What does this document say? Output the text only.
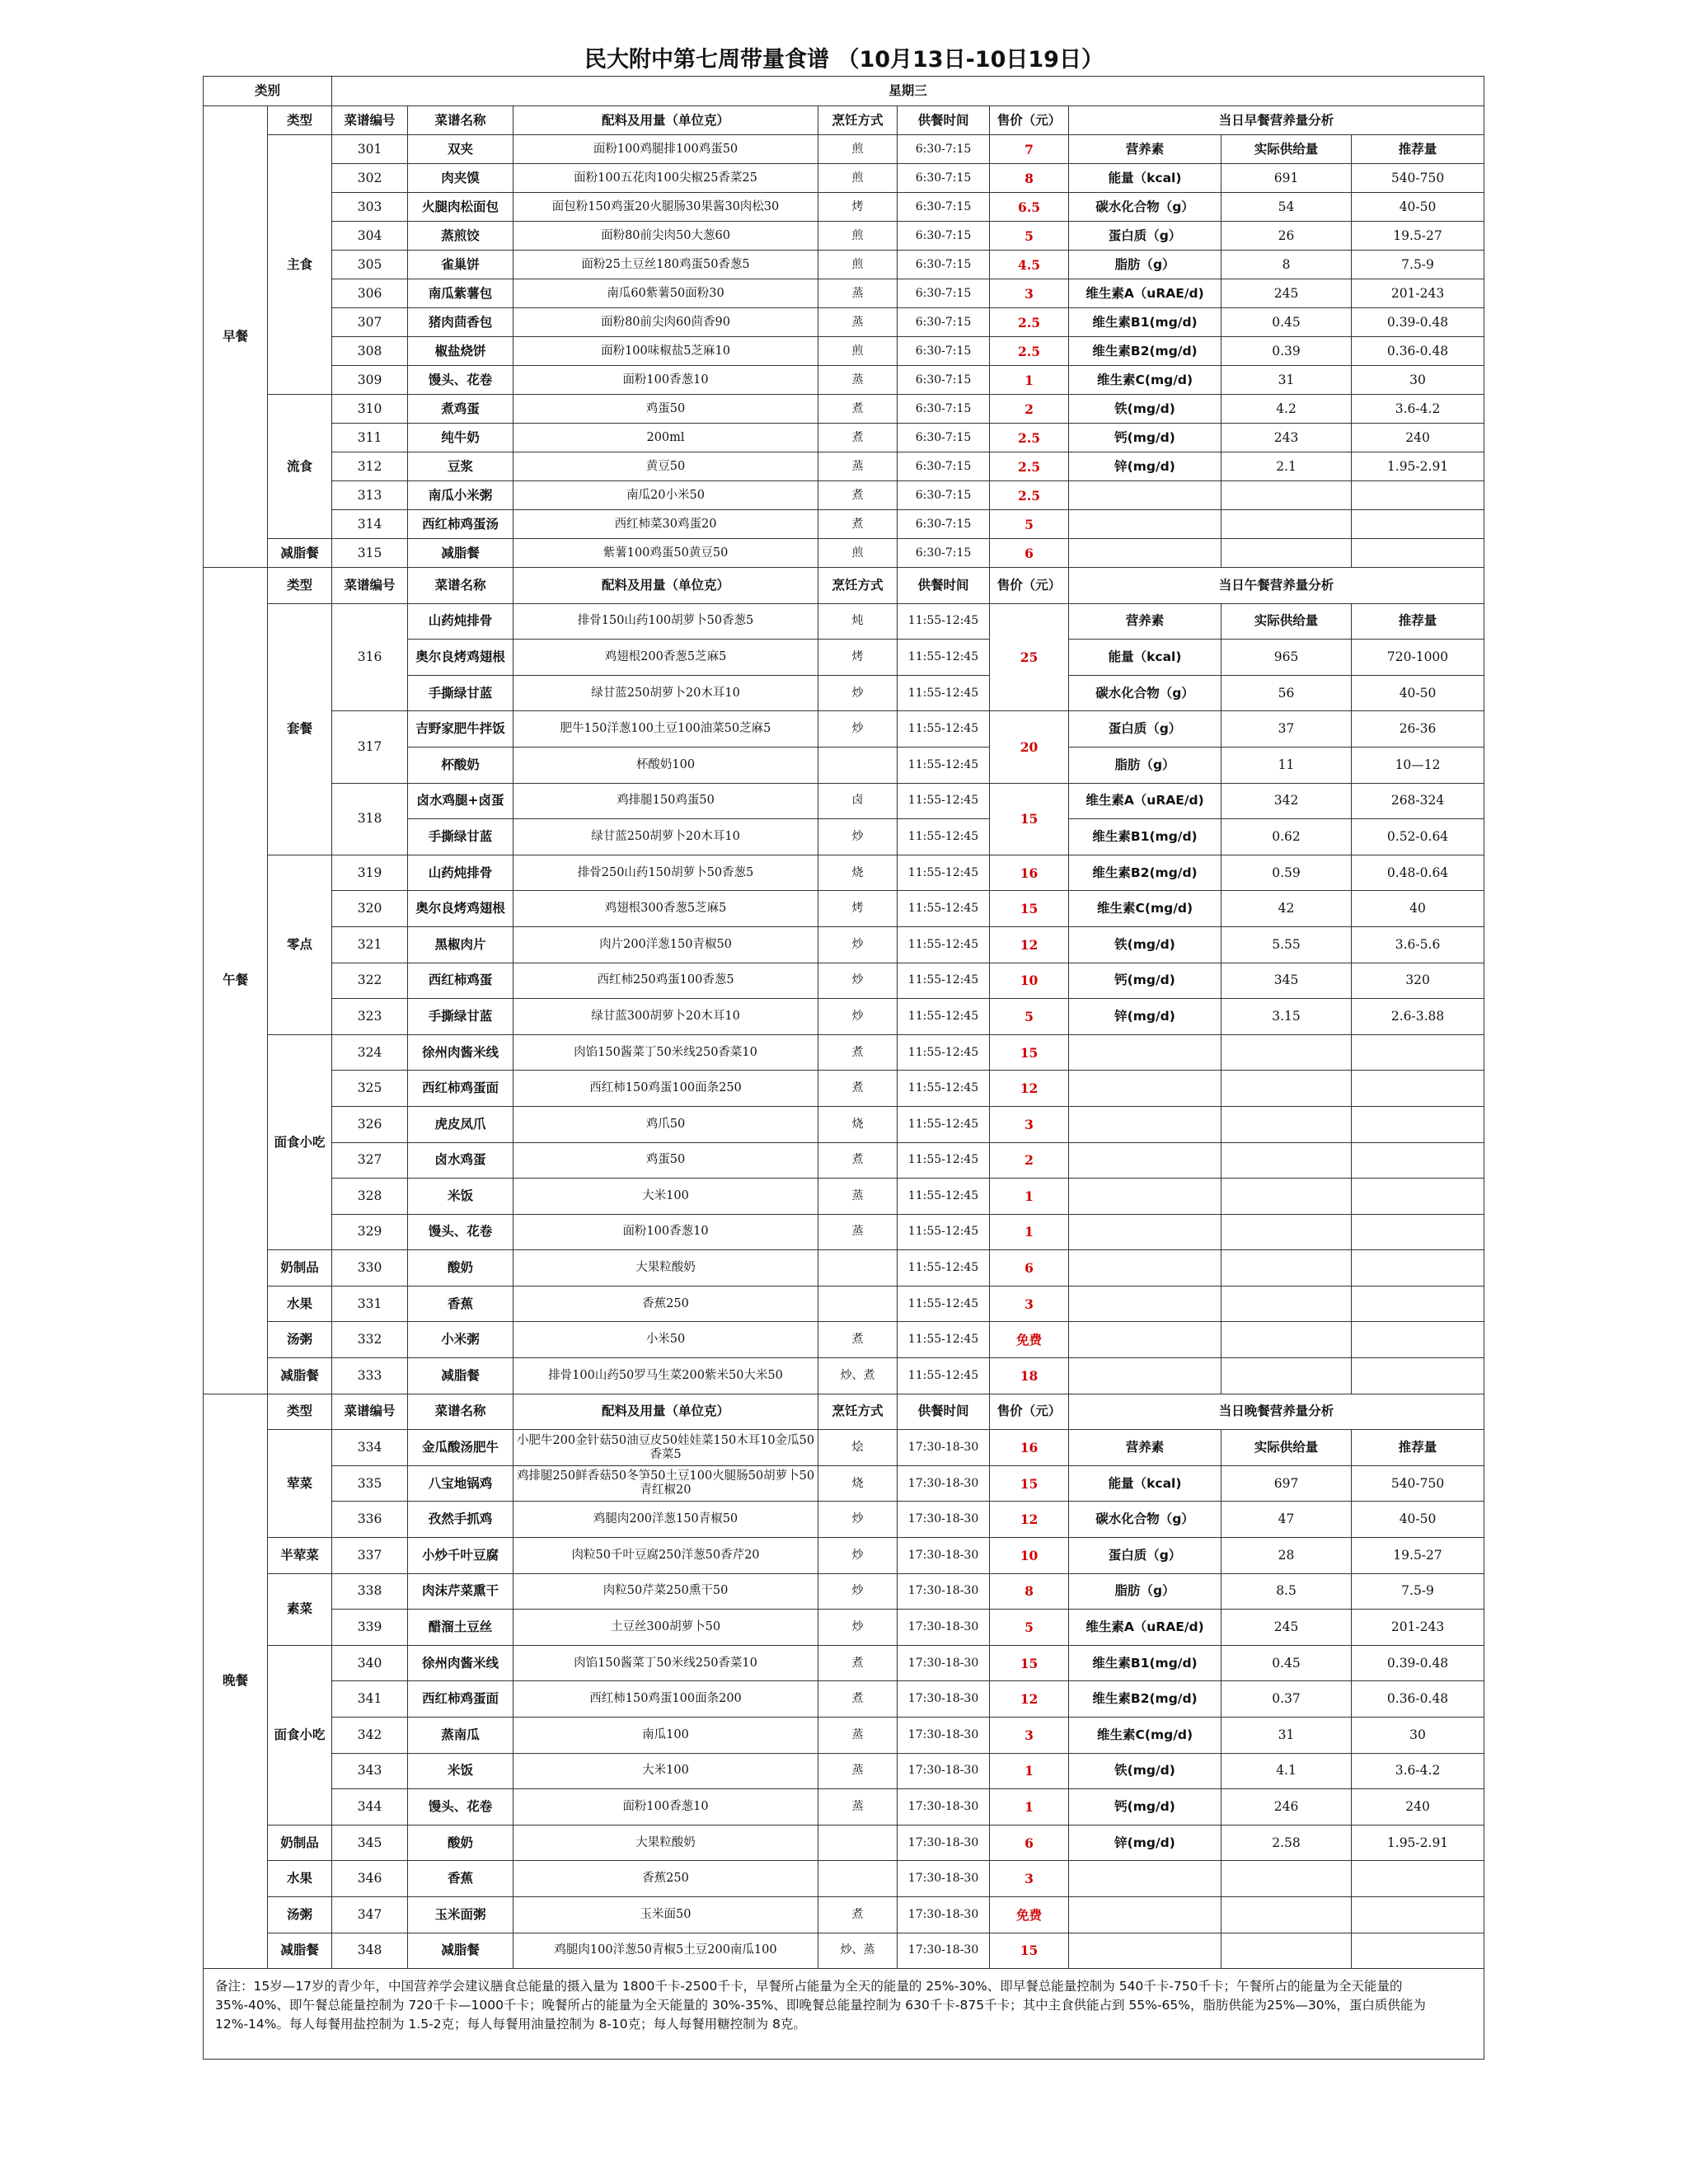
民大附中第七周带量食谱 （10月13日-10日19日）
类别		星期三								
早餐	类型	菜谱编号	菜谱名称	配料及用量（单位克）	烹饪方式	供餐时间	售价（元）	当日早餐营养量分析		
	主食	301	双夹	面粉100鸡腿排100鸡蛋50	煎	6:30-7:15	7	营养素	实际供给量	推荐量
		302	肉夹馍	面粉100五花肉100尖椒25香菜25	煎	6:30-7:15	8	能量（kcal)	691	540-750
		303	火腿肉松面包	面包粉150鸡蛋20火腿肠30果酱30肉松30	烤	6:30-7:15	6.5	碳水化合物（g）	54	40-50
		304	蒸煎饺	面粉80前尖肉50大葱60	煎	6:30-7:15	5	蛋白质（g）	26	19.5-27
		305	雀巢饼	面粉25土豆丝180鸡蛋50香葱5	煎	6:30-7:15	4.5	脂肪（g）	8	7.5-9
		306	南瓜紫薯包	南瓜60紫薯50面粉30	蒸	6:30-7:15	3	维生素A（uRAE/d)	245	201-243
		307	猪肉茴香包	面粉80前尖肉60茴香90	蒸	6:30-7:15	2.5	维生素B1(mg/d)	0.45	0.39-0.48
		308	椒盐烧饼	面粉100味椒盐5芝麻10	煎	6:30-7:15	2.5	维生素B2(mg/d)	0.39	0.36-0.48
		309	馒头、花卷	面粉100香葱10	蒸	6:30-7:15	1	维生素C(mg/d)	31	30
	流食	310	煮鸡蛋	鸡蛋50	煮	6:30-7:15	2	铁(mg/d)	4.2	3.6-4.2
		311	纯牛奶	200ml	煮	6:30-7:15	2.5	钙(mg/d)	243	240
		312	豆浆	黄豆50	蒸	6:30-7:15	2.5	锌(mg/d)	2.1	1.95-2.91
		313	南瓜小米粥	南瓜20小米50	煮	6:30-7:15	2.5			
		314	西红柿鸡蛋汤	西红柿菜30鸡蛋20	煮	6:30-7:15	5			
	减脂餐	315	减脂餐	紫薯100鸡蛋50黄豆50	煎	6:30-7:15	6			
午餐	类型	菜谱编号	菜谱名称	配料及用量（单位克）	烹饪方式	供餐时间	售价（元）	当日午餐营养量分析		
	套餐	316	山药炖排骨	排骨150山药100胡萝卜50香葱5	炖	11:55-12:45	25	营养素	实际供给量	推荐量
			奥尔良烤鸡翅根	鸡翅根200香葱5芝麻5	烤	11:55-12:45		能量（kcal)	965	720-1000
			手撕绿甘蓝	绿甘蓝250胡萝卜20木耳10	炒	11:55-12:45		碳水化合物（g）	56	40-50
		317	吉野家肥牛拌饭	肥牛150洋葱100土豆100油菜50芝麻5	炒	11:55-12:45	20	蛋白质（g）	37	26-36
			杯酸奶	杯酸奶100		11:55-12:45		脂肪（g）	11	10—12
		318	卤水鸡腿+卤蛋	鸡排腿150鸡蛋50	卤	11:55-12:45	15	维生素A（uRAE/d)	342	268-324
			手撕绿甘蓝	绿甘蓝250胡萝卜20木耳10	炒	11:55-12:45		维生素B1(mg/d)	0.62	0.52-0.64
	零点	319	山药炖排骨	排骨250山药150胡萝卜50香葱5	烧	11:55-12:45	16	维生素B2(mg/d)	0.59	0.48-0.64
		320	奥尔良烤鸡翅根	鸡翅根300香葱5芝麻5	烤	11:55-12:45	15	维生素C(mg/d)	42	40
		321	黑椒肉片	肉片200洋葱150青椒50	炒	11:55-12:45	12	铁(mg/d)	5.55	3.6-5.6
		322	西红柿鸡蛋	西红柿250鸡蛋100香葱5	炒	11:55-12:45	10	钙(mg/d)	345	320
		323	手撕绿甘蓝	绿甘蓝300胡萝卜20木耳10	炒	11:55-12:45	5	锌(mg/d)	3.15	2.6-3.88
	面食小吃	324	徐州肉酱米线	肉馅150酱菜丁50米线250香菜10	煮	11:55-12:45	15			
		325	西红柿鸡蛋面	西红柿150鸡蛋100面条250	煮	11:55-12:45	12			
		326	虎皮凤爪	鸡爪50	烧	11:55-12:45	3			
		327	卤水鸡蛋	鸡蛋50	煮	11:55-12:45	2			
		328	米饭	大米100	蒸	11:55-12:45	1			
		329	馒头、花卷	面粉100香葱10	蒸	11:55-12:45	1			
	奶制品	330	酸奶	大果粒酸奶		11:55-12:45	6			
	水果	331	香蕉	香蕉250		11:55-12:45	3			
	汤粥	332	小米粥	小米50	煮	11:55-12:45	免费			
	减脂餐	333	减脂餐	排骨100山药50罗马生菜200紫米50大米50	炒、煮	11:55-12:45	18			
晚餐	类型	菜谱编号	菜谱名称	配料及用量（单位克）	烹饪方式	供餐时间	售价（元）	当日晚餐营养量分析		
	荤菜	334	金瓜酸汤肥牛	小肥牛200金针菇50油豆皮50娃娃菜150木耳10金瓜50香菜5	烩	17:30-18-30	16	营养素	实际供给量	推荐量
		335	八宝地锅鸡	鸡排腿250鲜香菇50冬笋50土豆100火腿肠50胡萝卜50青红椒20	烧	17:30-18-30	15	能量（kcal)	697	540-750
		336	孜然手抓鸡	鸡腿肉200洋葱150青椒50	炒	17:30-18-30	12	碳水化合物（g）	47	40-50
	半荤菜	337	小炒千叶豆腐	肉粒50千叶豆腐250洋葱50香芹20	炒	17:30-18-30	10	蛋白质（g）	28	19.5-27
	素菜	338	肉沫芹菜熏干	肉粒50芹菜250熏干50	炒	17:30-18-30	8	脂肪（g）	8.5	7.5-9
		339	醋溜土豆丝	土豆丝300胡萝卜50	炒	17:30-18-30	5	维生素A（uRAE/d)	245	201-243
	面食小吃	340	徐州肉酱米线	肉馅150酱菜丁50米线250香菜10	煮	17:30-18-30	15	维生素B1(mg/d)	0.45	0.39-0.48
		341	西红柿鸡蛋面	西红柿150鸡蛋100面条200	煮	17:30-18-30	12	维生素B2(mg/d)	0.37	0.36-0.48
		342	蒸南瓜	南瓜100	蒸	17:30-18-30	3	维生素C(mg/d)	31	30
		343	米饭	大米100	蒸	17:30-18-30	1	铁(mg/d)	4.1	3.6-4.2
		344	馒头、花卷	面粉100香葱10	蒸	17:30-18-30	1	钙(mg/d)	246	240
	奶制品	345	酸奶	大果粒酸奶		17:30-18-30	6	锌(mg/d)	2.58	1.95-2.91
	水果	346	香蕉	香蕉250		17:30-18-30	3			
	汤粥	347	玉米面粥	玉米面50	煮	17:30-18-30	免费			
	减脂餐	348	减脂餐	鸡腿肉100洋葱50青椒5土豆200南瓜100	炒、蒸	17:30-18-30	15			
备注：15岁—17岁的青少年，中国营养学会建议膳食总能量的摄入量为 1800千卡-2500千卡，早餐所占能量为全天的能量的 25%-30%、即早餐总能量控制为 540千卡-750千卡；午餐所占的能量为全天能量的35%-40%、即午餐总能量控制为 720千卡—1000千卡；晚餐所占的能量为全天能量的 30%-35%、即晚餐总能量控制为 630千卡-875千卡；其中主食供能占到 55%-65%，脂肪供能为25%—30%，蛋白质供能为12%-14%。每人每餐用盐控制为 1.5-2克；每人每餐用油量控制为 8-10克；每人每餐用糖控制为 8克。										
